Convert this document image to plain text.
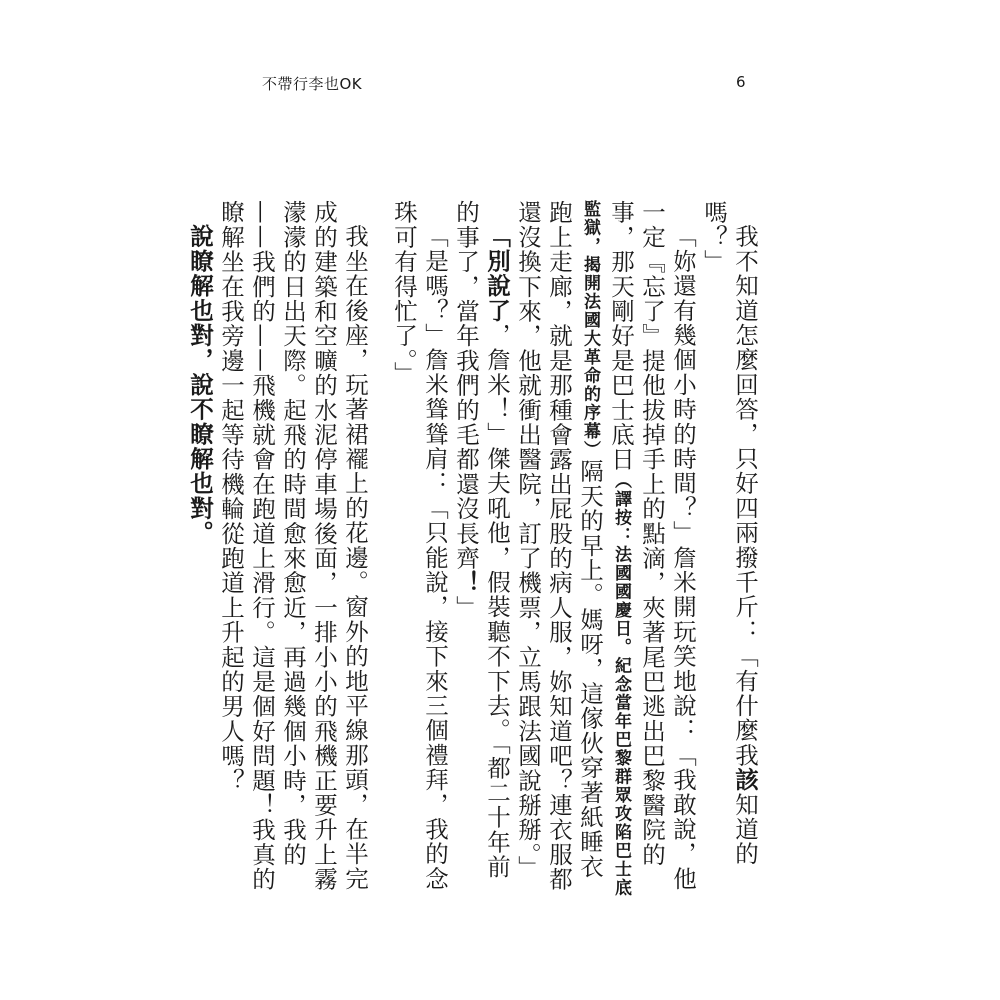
不帶行李也OK	6

我不知道怎麼回答，只好四兩撥千斤：「有什麼我該知道的嗎？」

「妳還有幾個小時的時間？」詹米開玩笑地說：「我敢說，他一定『忘了』提他拔掉手上的點滴，夾著尾巴逃出巴黎醫院的事，那天剛好是巴士底日（譯按：法國國慶日。紀念當年巴黎群眾攻陷巴士底監獄，揭開法國大革命的序幕）隔天的早上。媽呀，這傢伙穿著紙睡衣跑上走廊，就是那種會露出屁股的病人服，妳知道吧？連衣服都還沒換下來，他就衝出醫院，訂了機票，立馬跟法國說掰掰。」

「別說了，詹米！」傑夫吼他，假裝聽不下去。「都二十年前的事了，當年我們的毛都還沒長齊！」

「是嗎？」詹米聳聳肩：「只能說，接下來三個禮拜，我的念珠可有得忙了。」

我坐在後座，玩著裙襬上的花邊。窗外的地平線那頭，在半完成的建築和空曠的水泥停車場後面，一排小小的飛機正要升上霧濛濛的日出天際。起飛的時間愈來愈近，再過幾個小時，我的——我們的——飛機就會在跑道上滑行。這是個好問題！我真的瞭解坐在我旁邊一起等待機輪從跑道上升起的男人嗎？

說瞭解也對，說不瞭解也對。
